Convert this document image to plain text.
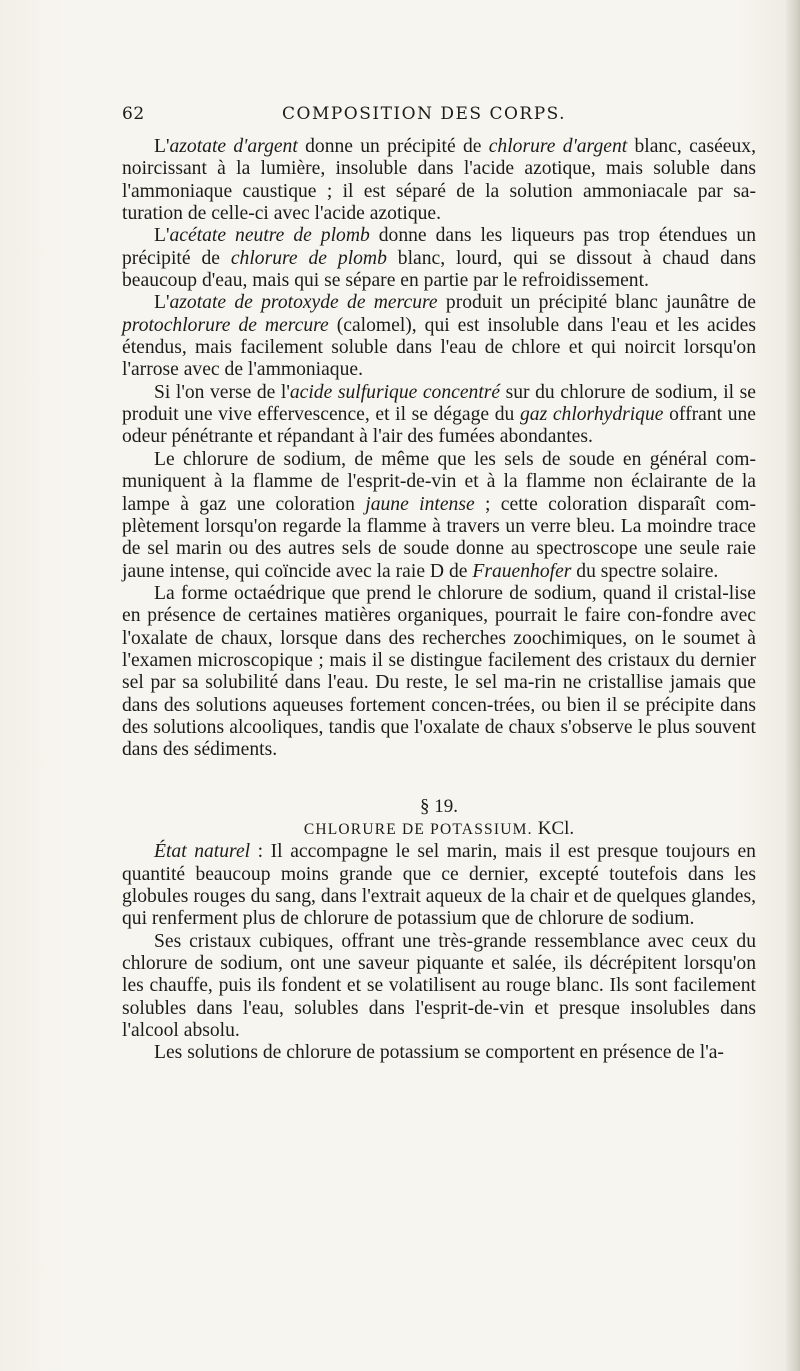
62	COMPOSITION DES CORPS.

L'azotate d'argent donne un précipité de chlorure d'argent blanc, caséeux, noircissant à la lumière, insoluble dans l'acide azotique, mais soluble dans l'ammoniaque caustique ; il est séparé de la solution ammoniacale par sa-turation de celle-ci avec l'acide azotique.

L'acétate neutre de plomb donne dans les liqueurs pas trop étendues un précipité de chlorure de plomb blanc, lourd, qui se dissout à chaud dans beaucoup d'eau, mais qui se sépare en partie par le refroidissement.

L'azotate de protoxyde de mercure produit un précipité blanc jaunâtre de protochlorure de mercure (calomel), qui est insoluble dans l'eau et les acides étendus, mais facilement soluble dans l'eau de chlore et qui noircit lorsqu'on l'arrose avec de l'ammoniaque.

Si l'on verse de l'acide sulfurique concentré sur du chlorure de sodium, il se produit une vive effervescence, et il se dégage du gaz chlorhydrique offrant une odeur pénétrante et répandant à l'air des fumées abondantes.

Le chlorure de sodium, de même que les sels de soude en général com-muniquent à la flamme de l'esprit-de-vin et à la flamme non éclairante de la lampe à gaz une coloration jaune intense ; cette coloration disparaît com-plètement lorsqu'on regarde la flamme à travers un verre bleu. La moindre trace de sel marin ou des autres sels de soude donne au spectroscope une seule raie jaune intense, qui coïncide avec la raie D de Frauenhofer du spectre solaire.

La forme octaédrique que prend le chlorure de sodium, quand il cristal-lise en présence de certaines matières organiques, pourrait le faire con-fondre avec l'oxalate de chaux, lorsque dans des recherches zoochimiques, on le soumet à l'examen microscopique ; mais il se distingue facilement des cristaux du dernier sel par sa solubilité dans l'eau. Du reste, le sel ma-rin ne cristallise jamais que dans des solutions aqueuses fortement concen-trées, ou bien il se précipite dans des solutions alcooliques, tandis que l'oxalate de chaux s'observe le plus souvent dans des sédiments.

§ 19.

CHLORURE DE POTASSIUM. KCl.

État naturel : Il accompagne le sel marin, mais il est presque toujours en quantité beaucoup moins grande que ce dernier, excepté toutefois dans les globules rouges du sang, dans l'extrait aqueux de la chair et de quelques glandes, qui renferment plus de chlorure de potassium que de chlorure de sodium.

Ses cristaux cubiques, offrant une très-grande ressemblance avec ceux du chlorure de sodium, ont une saveur piquante et salée, ils décrépitent lorsqu'on les chauffe, puis ils fondent et se volatilisent au rouge blanc. Ils sont facilement solubles dans l'eau, solubles dans l'esprit-de-vin et presque insolubles dans l'alcool absolu.

Les solutions de chlorure de potassium se comportent en présence de l'a-
